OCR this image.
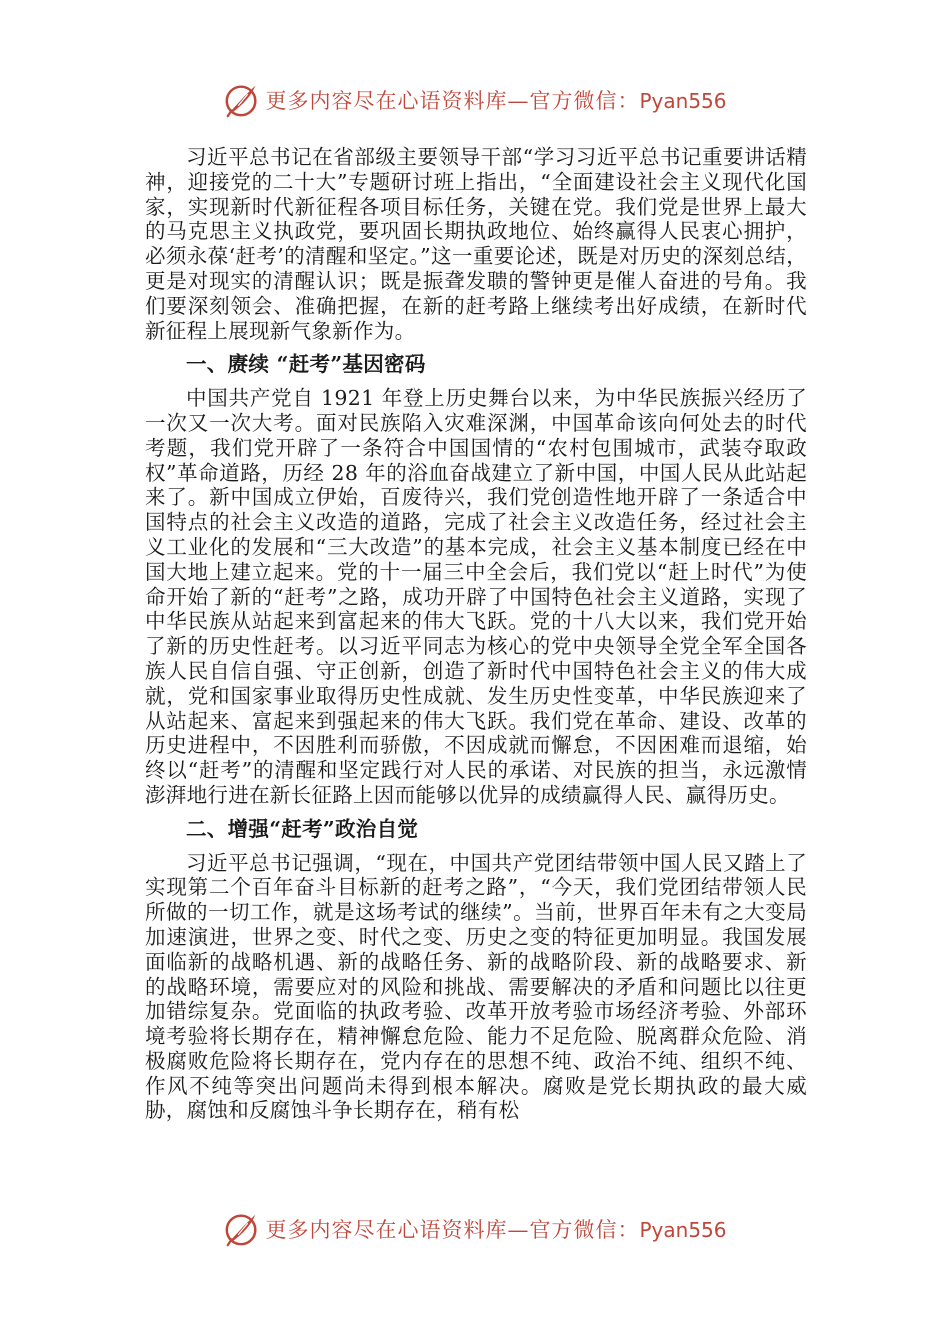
更多内容尽在心语资料库—官方微信：Pyan556

习近平总书记在省部级主要领导干部“学习习近平总书记重要讲话精神，迎接党的二十大”专题研讨班上指出，“全面建设社会主义现代化国家，实现新时代新征程各项目标任务，关键在党。我们党是世界上最大的马克思主义执政党，要巩固长期执政地位、始终赢得人民衷心拥护，必须永葆‘赶考’的清醒和坚定。”这一重要论述，既是对历史的深刻总结，更是对现实的清醒认识；既是振聋发聩的警钟更是催人奋进的号角。我们要深刻领会、准确把握，在新的赶考路上继续考出好成绩，在新时代新征程上展现新气象新作为。

一、赓续 “赶考”基因密码

中国共产党自 1921 年登上历史舞台以来，为中华民族振兴经历了一次又一次大考。面对民族陷入灾难深渊，中国革命该向何处去的时代考题，我们党开辟了一条符合中国国情的“农村包围城市，武装夺取政权”革命道路，历经 28 年的浴血奋战建立了新中国，中国人民从此站起来了。新中国成立伊始，百废待兴，我们党创造性地开辟了一条适合中国特点的社会主义改造的道路，完成了社会主义改造任务，经过社会主义工业化的发展和“三大改造”的基本完成，社会主义基本制度已经在中国大地上建立起来。党的十一届三中全会后，我们党以“赶上时代”为使命开始了新的“赶考”之路，成功开辟了中国特色社会主义道路，实现了中华民族从站起来到富起来的伟大飞跃。党的十八大以来，我们党开始了新的历史性赶考。以习近平同志为核心的党中央领导全党全军全国各族人民自信自强、守正创新，创造了新时代中国特色社会主义的伟大成就，党和国家事业取得历史性成就、发生历史性变革，中华民族迎来了从站起来、富起来到强起来的伟大飞跃。我们党在革命、建设、改革的历史进程中，不因胜利而骄傲，不因成就而懈怠，不因困难而退缩，始终以“赶考”的清醒和坚定践行对人民的承诺、对民族的担当，永远激情澎湃地行进在新长征路上因而能够以优异的成绩赢得人民、赢得历史。

二、增强“赶考”政治自觉

习近平总书记强调，“现在，中国共产党团结带领中国人民又踏上了实现第二个百年奋斗目标新的赶考之路”，“今天，我们党团结带领人民所做的一切工作，就是这场考试的继续”。当前，世界百年未有之大变局加速演进，世界之变、时代之变、历史之变的特征更加明显。我国发展面临新的战略机遇、新的战略任务、新的战略阶段、新的战略要求、新的战略环境，需要应对的风险和挑战、需要解决的矛盾和问题比以往更加错综复杂。党面临的执政考验、改革开放考验市场经济考验、外部环境考验将长期存在，精神懈怠危险、能力不足危险、脱离群众危险、消极腐败危险将长期存在，党内存在的思想不纯、政治不纯、组织不纯、作风不纯等突出问题尚未得到根本解决。腐败是党长期执政的最大威胁，腐蚀和反腐蚀斗争长期存在，稍有松

更多内容尽在心语资料库—官方微信：Pyan556
